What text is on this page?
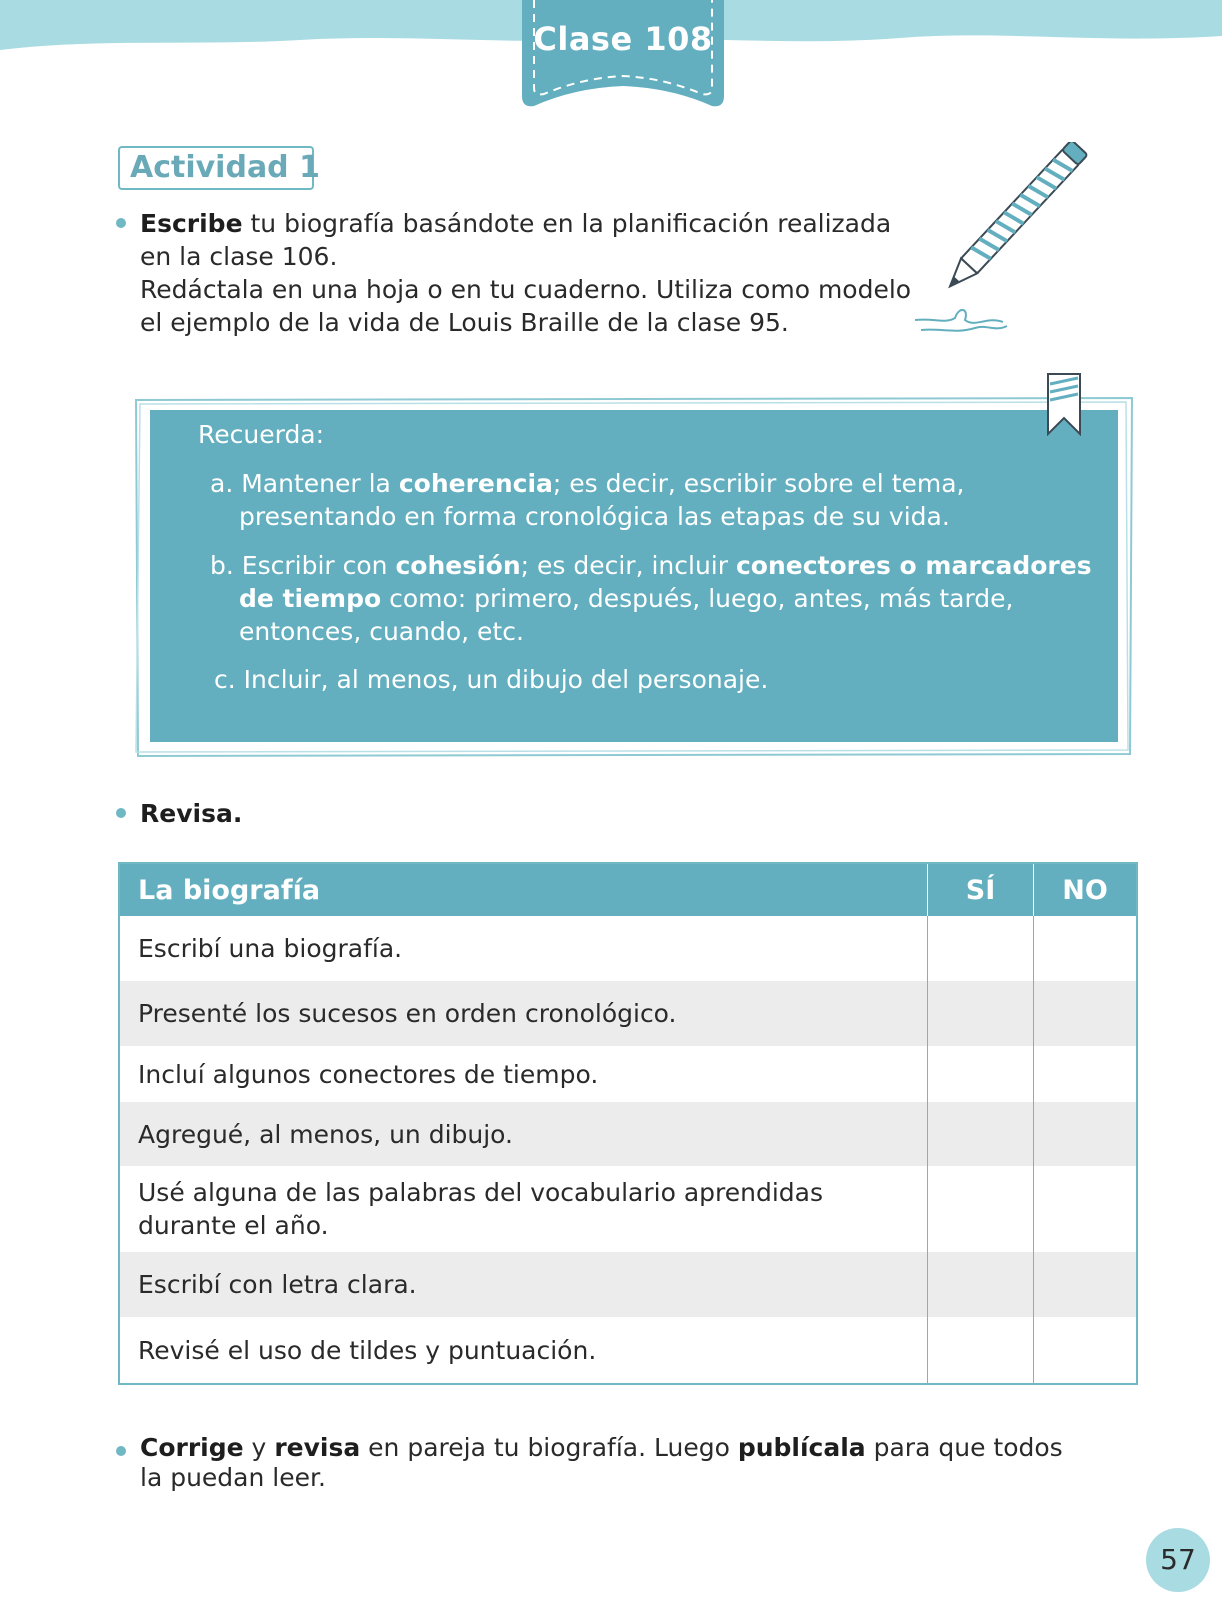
Clase 108
Actividad 1
Escribe tu biografía basándote en la planificación realizada
en la clase 106.
Redáctala en una hoja o en tu cuaderno. Utiliza como modelo
el ejemplo de la vida de Louis Braille de la clase 95.
Recuerda:
a. Mantener la coherencia; es decir, escribir sobre el tema,
presentando en forma cronológica las etapas de su vida.
b. Escribir con cohesión; es decir, incluir conectores o marcadores
de tiempo como: primero, después, luego, antes, más tarde,
entonces, cuando, etc.
c. Incluir, al menos, un dibujo del personaje.
Revisa.
La biografía	SÍ	NO
Escribí una biografía.
Presenté los sucesos en orden cronológico.
Incluí algunos conectores de tiempo.
Agregué, al menos, un dibujo.
Usé alguna de las palabras del vocabulario aprendidas
durante el año.
Escribí con letra clara.
Revisé el uso de tildes y puntuación.
Corrige y revisa en pareja tu biografía. Luego publícala para que todos
la puedan leer.
57
